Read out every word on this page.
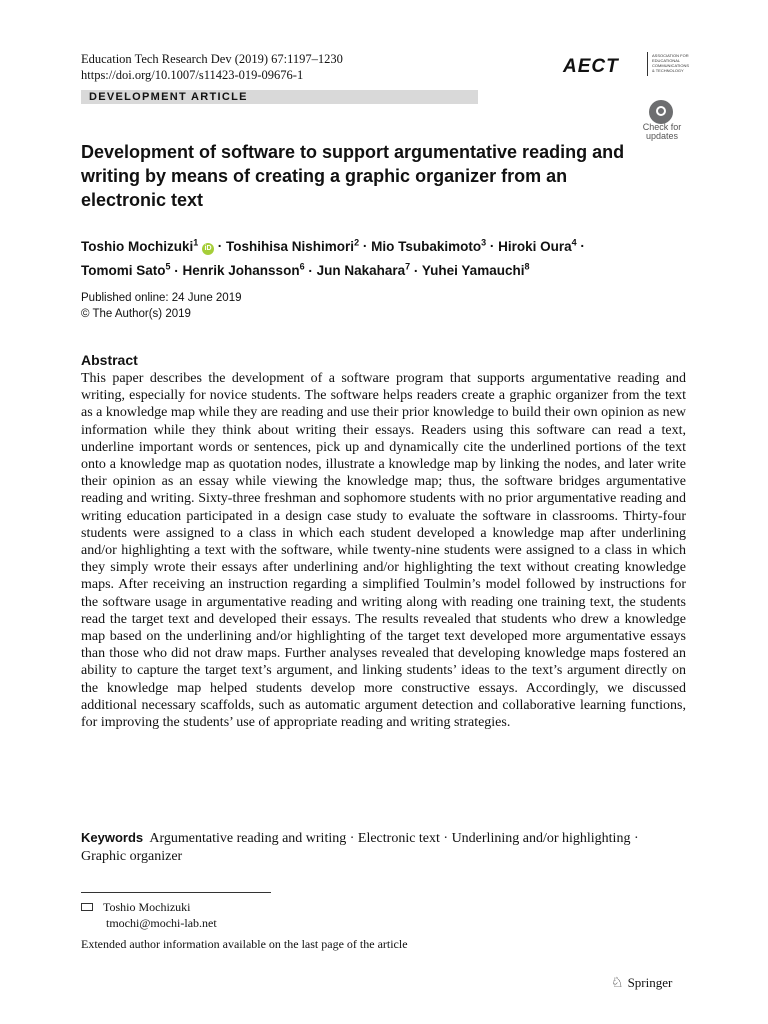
Education Tech Research Dev (2019) 67:1197–1230
https://doi.org/10.1007/s11423-019-09676-1	AECT
ASSOCIATION FOR EDUCATIONAL COMMUNICATIONS & TECHNOLOGY
DEVELOPMENT ARTICLE
Check for updates
Development of software to support argumentative reading and writing by means of creating a graphic organizer from an electronic text
Toshio Mochizuki$^1$ iD · Toshihisa Nishimori$^2$ · Mio Tsubakimoto$^3$ · Hiroki Oura$^4$ ·
Tomomi Sato$^5$ · Henrik Johansson$^6$ · Jun Nakahara$^7$ · Yuhei Yamauchi$^8$
Published online: 24 June 2019
© The Author(s) 2019
Abstract

This paper describes the development of a software program that supports argumentative reading and writing, especially for novice students. The software helps readers create a graphic organizer from the text as a knowledge map while they are reading and use their prior knowledge to build their own opinion as new information while they think about writing their essays. Readers using this software can read a text, underline important words or sentences, pick up and dynamically cite the underlined portions of the text onto a knowledge map as quotation nodes, illustrate a knowledge map by linking the nodes, and later write their opinion as an essay while viewing the knowledge map; thus, the software bridges argumentative reading and writing. Sixty-three freshman and sophomore students with no prior argumentative reading and writing education participated in a design case study to evaluate the software in classrooms. Thirty-four students were assigned to a class in which each student developed a knowledge map after underlining and/or highlighting a text with the software, while twenty-nine students were assigned to a class in which they simply wrote their essays after underlining and/or highlighting the text without creating knowledge maps. After receiving an instruction regarding a simplified Toulmin’s model followed by instructions for the software usage in argumentative reading and writing along with reading one training text, the students read the target text and developed their essays. The results revealed that students who drew a knowledge map based on the underlining and/or highlighting of the target text developed more argumentative essays than those who did not draw maps. Further analyses revealed that developing knowledge maps fostered an ability to capture the target text’s argument, and linking students’ ideas to the text’s argument directly on the knowledge map helped students develop more constructive essays. Accordingly, we discussed additional necessary scaffolds, such as automatic argument detection and collaborative learning functions, for improving the students’ use of appropriate reading and writing strategies.

Keywords Argumentative reading and writing · Electronic text · Underlining and/or highlighting · Graphic organizer
Toshio Mochizuki
tmochi@mochi-lab.net
Extended author information available on the last page of the article
♘ Springer
